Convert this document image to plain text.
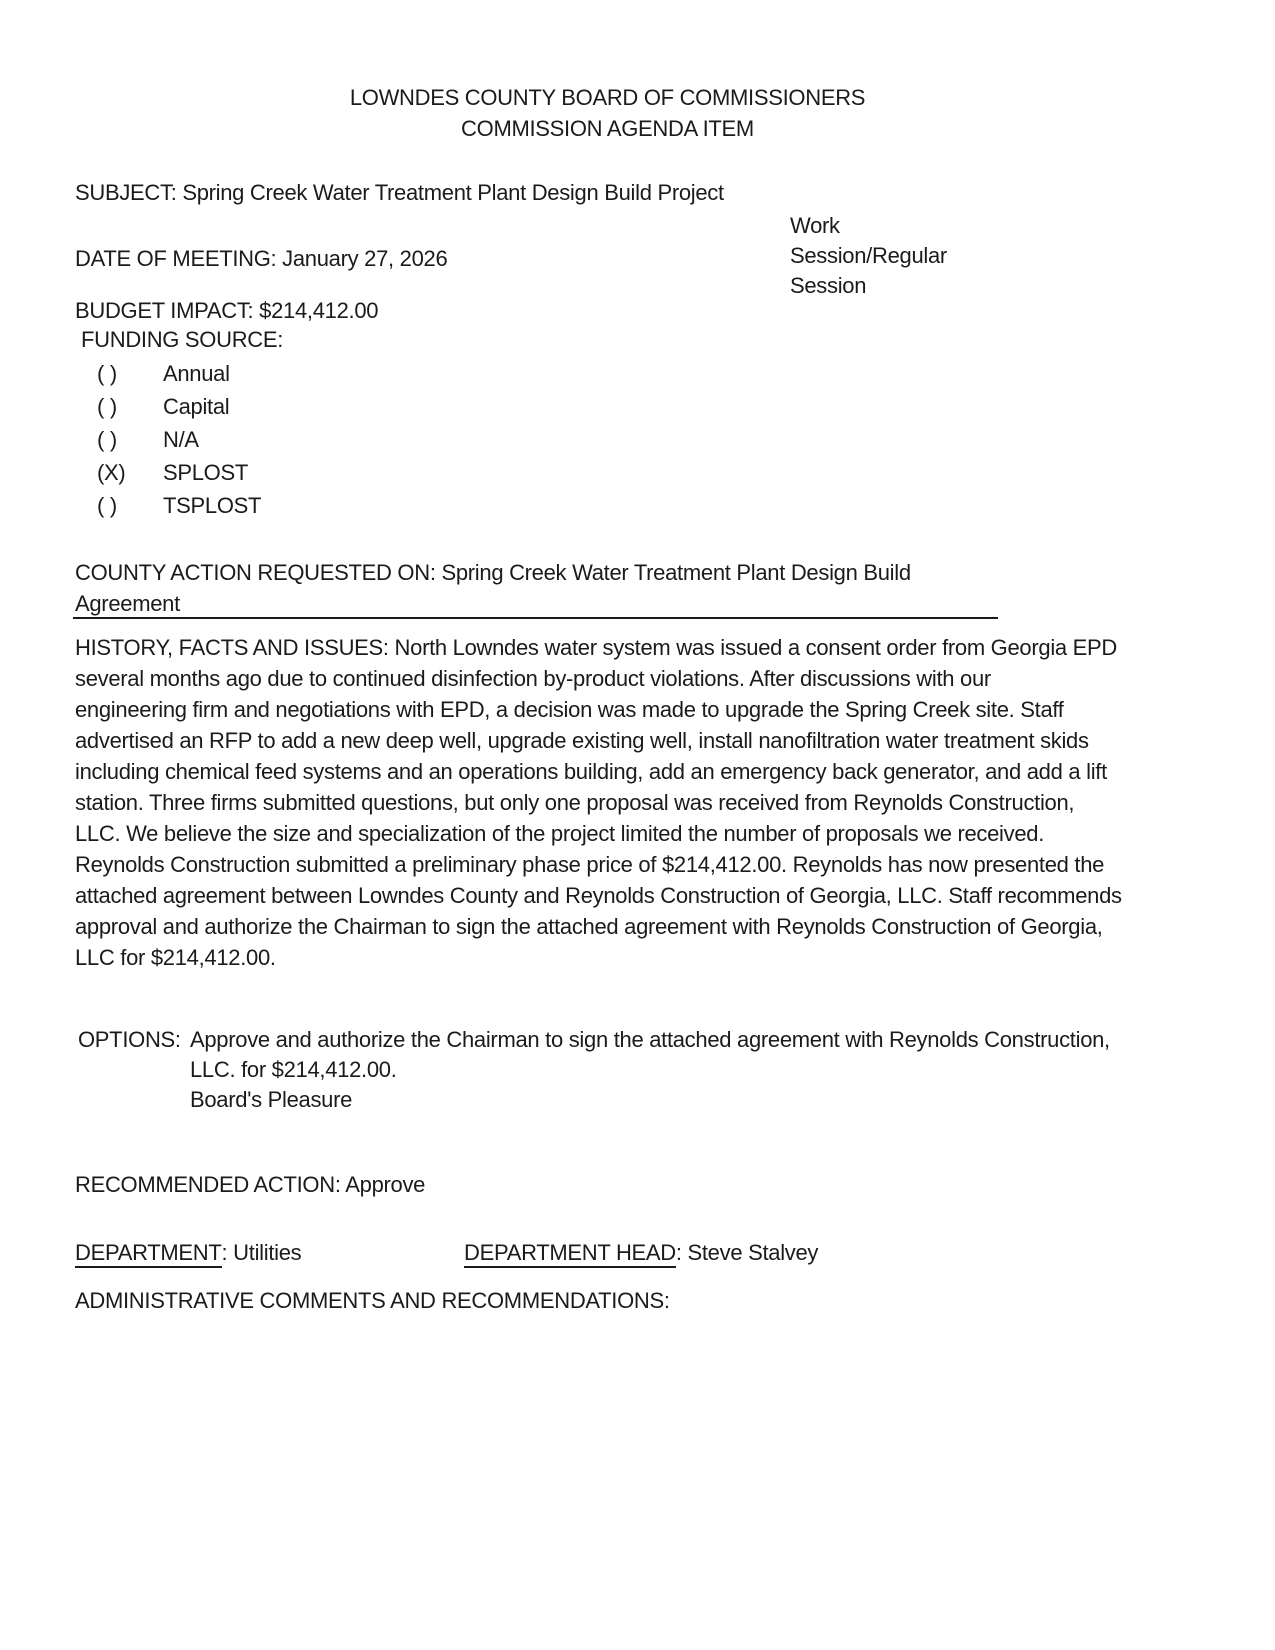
LOWNDES COUNTY BOARD OF COMMISSIONERS
COMMISSION AGENDA ITEM
SUBJECT: Spring Creek Water Treatment Plant Design Build Project
Work
Session/Regular
Session
DATE OF MEETING: January 27, 2026
BUDGET IMPACT: $214,412.00
FUNDING SOURCE:
( ) Annual
( ) Capital
( ) N/A
(X) SPLOST
( ) TSPLOST
COUNTY ACTION REQUESTED ON: Spring Creek Water Treatment Plant Design Build
Agreement
HISTORY, FACTS AND ISSUES: North Lowndes water system was issued a consent order from Georgia EPD
several months ago due to continued disinfection by-product violations. After discussions with our
engineering firm and negotiations with EPD, a decision was made to upgrade the Spring Creek site. Staff
advertised an RFP to add a new deep well, upgrade existing well, install nanofiltration water treatment skids
including chemical feed systems and an operations building, add an emergency back generator, and add a lift
station. Three firms submitted questions, but only one proposal was received from Reynolds Construction,
LLC. We believe the size and specialization of the project limited the number of proposals we received.
Reynolds Construction submitted a preliminary phase price of $214,412.00. Reynolds has now presented the
attached agreement between Lowndes County and Reynolds Construction of Georgia, LLC. Staff recommends
approval and authorize the Chairman to sign the attached agreement with Reynolds Construction of Georgia,
LLC for $214,412.00.
OPTIONS: Approve and authorize the Chairman to sign the attached agreement with Reynolds Construction,
LLC. for $214,412.00.
Board's Pleasure
RECOMMENDED ACTION: Approve
DEPARTMENT: Utilities	DEPARTMENT HEAD: Steve Stalvey
ADMINISTRATIVE COMMENTS AND RECOMMENDATIONS:
